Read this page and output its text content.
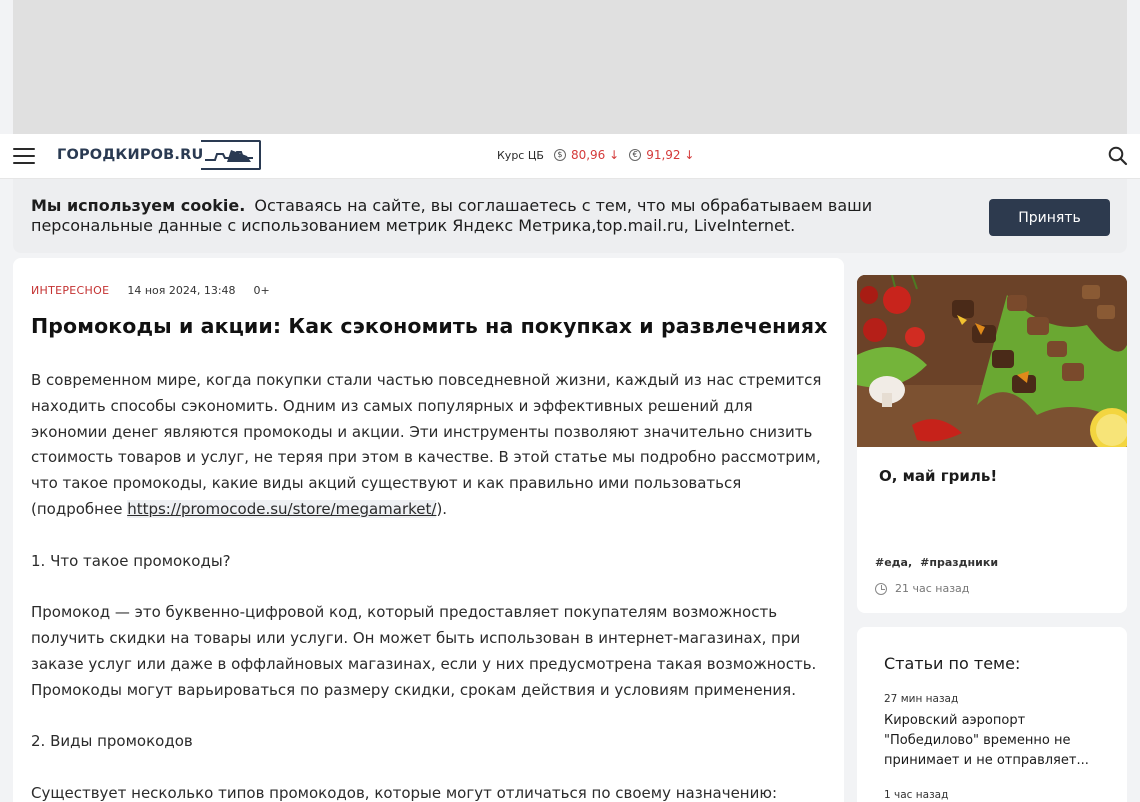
ГОРОДКИРОВ.RU	Курс ЦБ	$ 80,96
↓	€ 91,92
↓
Мы используем cookie. Оставаясь на сайте, вы соглашаетесь с тем, что мы обрабатываем ваши персональные данные с использованием метрик Яндекс Метрика,top.mail.ru, LiveInternet.	Принять
ИНТЕРЕСНОЕ 14 ноя 2024, 13:48 0+
Промокоды и акции: Как сэкономить на покупках и развлечениях

В современном мире, когда покупки стали частью повседневной жизни, каждый из нас стремится находить способы сэкономить. Одним из самых популярных и эффективных решений для экономии денег являются промокоды и акции. Эти инструменты позволяют значительно снизить стоимость товаров и услуг, не теряя при этом в качестве. В этой статье мы подробно рассмотрим, что такое промокоды, какие виды акций существуют и как правильно ими пользоваться (подробнее https://promocode.su/store/megamarket/).

1. Что такое промокоды?

Промокод — это буквенно-цифровой код, который предоставляет покупателям возможность получить скидки на товары или услуги. Он может быть использован в интернет-магазинах, при заказе услуг или даже в оффлайновых магазинах, если у них предусмотрена такая возможность. Промокоды могут варьироваться по размеру скидки, срокам действия и условиям применения.

2. Виды промокодов

Существует несколько типов промокодов, которые могут отличаться по своему назначению:

О, май гриль!
#еда, #праздники
21 час назад
Статьи по теме:
27 мин назад
Кировский аэропорт "Победилово" временно не принимает и не отправляет...
1 час назад
